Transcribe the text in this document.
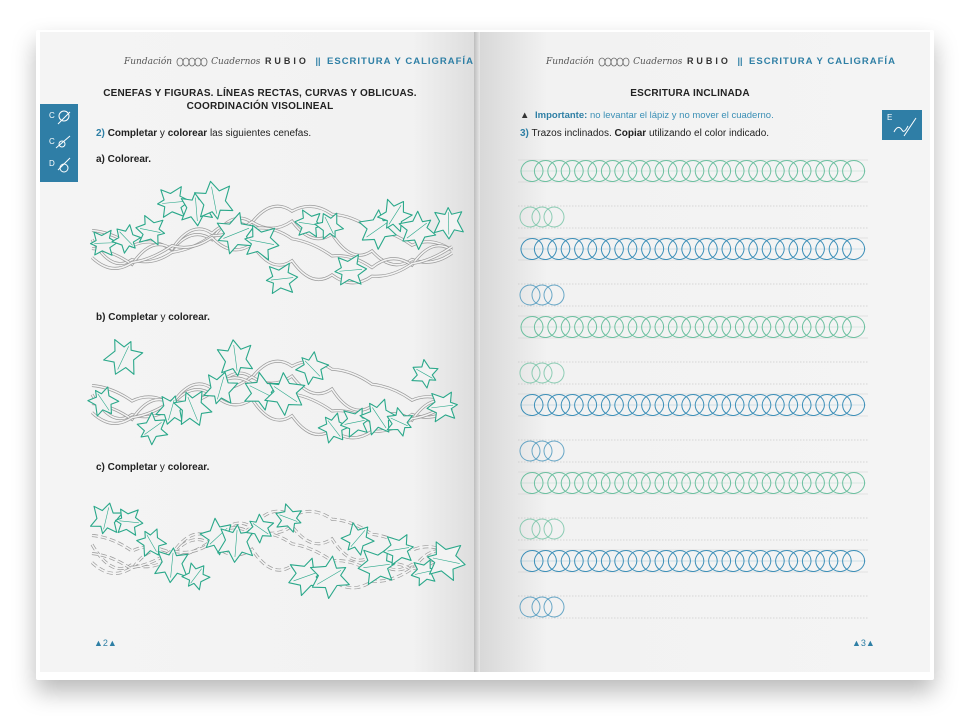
Fundación	Cuadernos RUBIO || ESCRITURA Y CALIGRAFÍA
C
C
D
CENEFAS Y FIGURAS. LÍNEAS RECTAS, CURVAS Y OBLICUAS.
COORDINACIÓN VISOLINEAL
2) Completar y colorear las siguientes cenefas.
a) Colorear.
b) Completar y colorear.
c) Completar y colorear.
▲2▲
Fundación	Cuadernos RUBIO || ESCRITURA Y CALIGRAFÍA
E
ESCRITURA INCLINADA
▲ Importante: no levantar el lápiz y no mover el cuaderno.
3) Trazos inclinados. Copiar utilizando el color indicado.
▲3▲
